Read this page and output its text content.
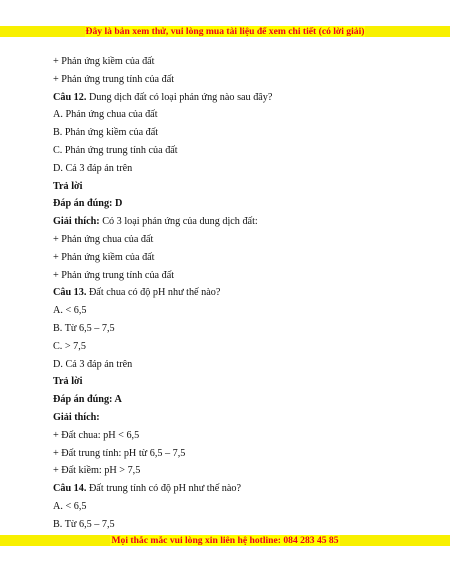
Đây là bản xem thử, vui lòng mua tài liệu để xem chi tiết (có lời giải)
+ Phản ứng kiềm của đất
+ Phản ứng trung tính của đất
Câu 12. Dung dịch đất có loại phản ứng nào sau đây?
A. Phản ứng chua của đất
B. Phản ứng kiềm của đất
C. Phản ứng trung tính của đất
D. Cả 3 đáp án trên
Trả lời
Đáp án đúng: D
Giải thích: Có 3 loại phản ứng của dung dịch đất:
+ Phản ứng chua của đất
+ Phản ứng kiềm của đất
+ Phản ứng trung tính của đất
Câu 13. Đất chua có độ pH như thế nào?
A. < 6,5
B. Từ 6,5 – 7,5
C. > 7,5
D. Cả 3 đáp án trên
Trả lời
Đáp án đúng: A
Giải thích:
+ Đất chua: pH < 6,5
+ Đất trung tính: pH từ 6,5 – 7,5
+ Đất kiềm: pH > 7,5
Câu 14. Đất trung tính có độ pH như thế nào?
A. < 6,5
B. Từ 6,5 – 7,5
Mọi thắc mắc vui lòng xin liên hệ hotline: 084 283 45 85
